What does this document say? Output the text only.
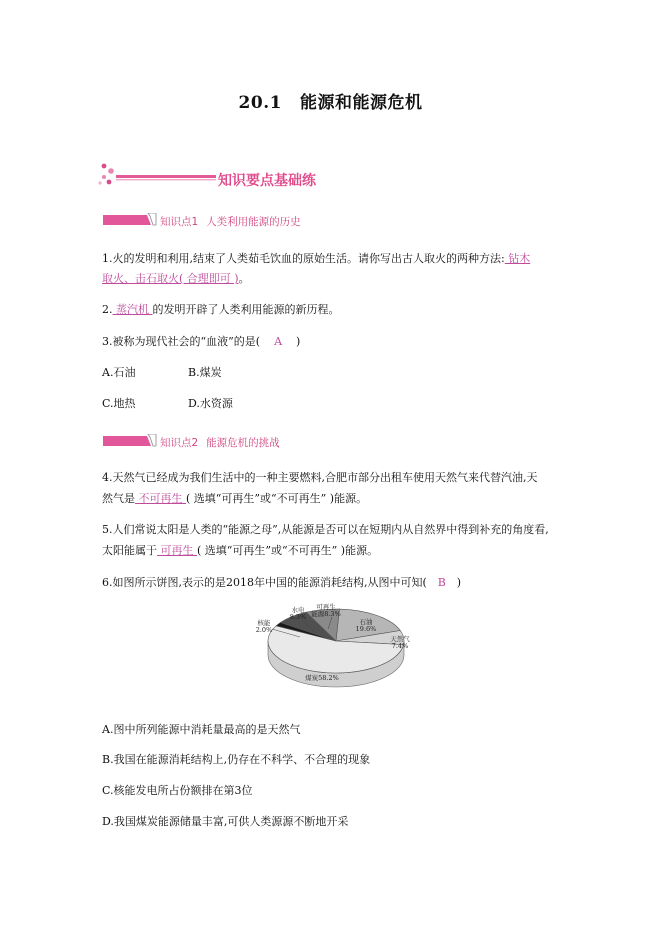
20.1 能源和能源危机
知识要点基础练
知识点1 人类利用能源的历史
1.火的发明和利用,结束了人类茹毛饮血的原始生活。请你写出古人取火的两种方法: 钻木
取火、击石取火( 合理即可 )。
2. 蒸汽机 的发明开辟了人类利用能源的新历程。
3.被称为现代社会的“血液”的是( A )
A.石油	B.煤炭
C.地热	D.水资源
知识点2 能源危机的挑战
4.天然气已经成为我们生活中的一种主要燃料,合肥市部分出租车使用天然气来代替汽油,天
然气是 不可再生 ( 选填“可再生”或“不可再生” )能源。
5.人们常说太阳是人类的“能源之母”,从能源是否可以在短期内从自然界中得到补充的角度看,
太阳能属于 可再生 ( 选填“可再生”或“不可再生” )能源。
6.如图所示饼图,表示的是2018年中国的能源消耗结构,从图中可知( B )
煤炭58.2%
石油 19.6%
天然气 7.4%
可再生能源8.3%
水电 8.3%
核能 2.0%
A.图中所列能源中消耗量最高的是天然气
B.我国在能源消耗结构上,仍存在不科学、不合理的现象
C.核能发电所占份额排在第3位
D.我国煤炭能源储量丰富,可供人类源源不断地开采
